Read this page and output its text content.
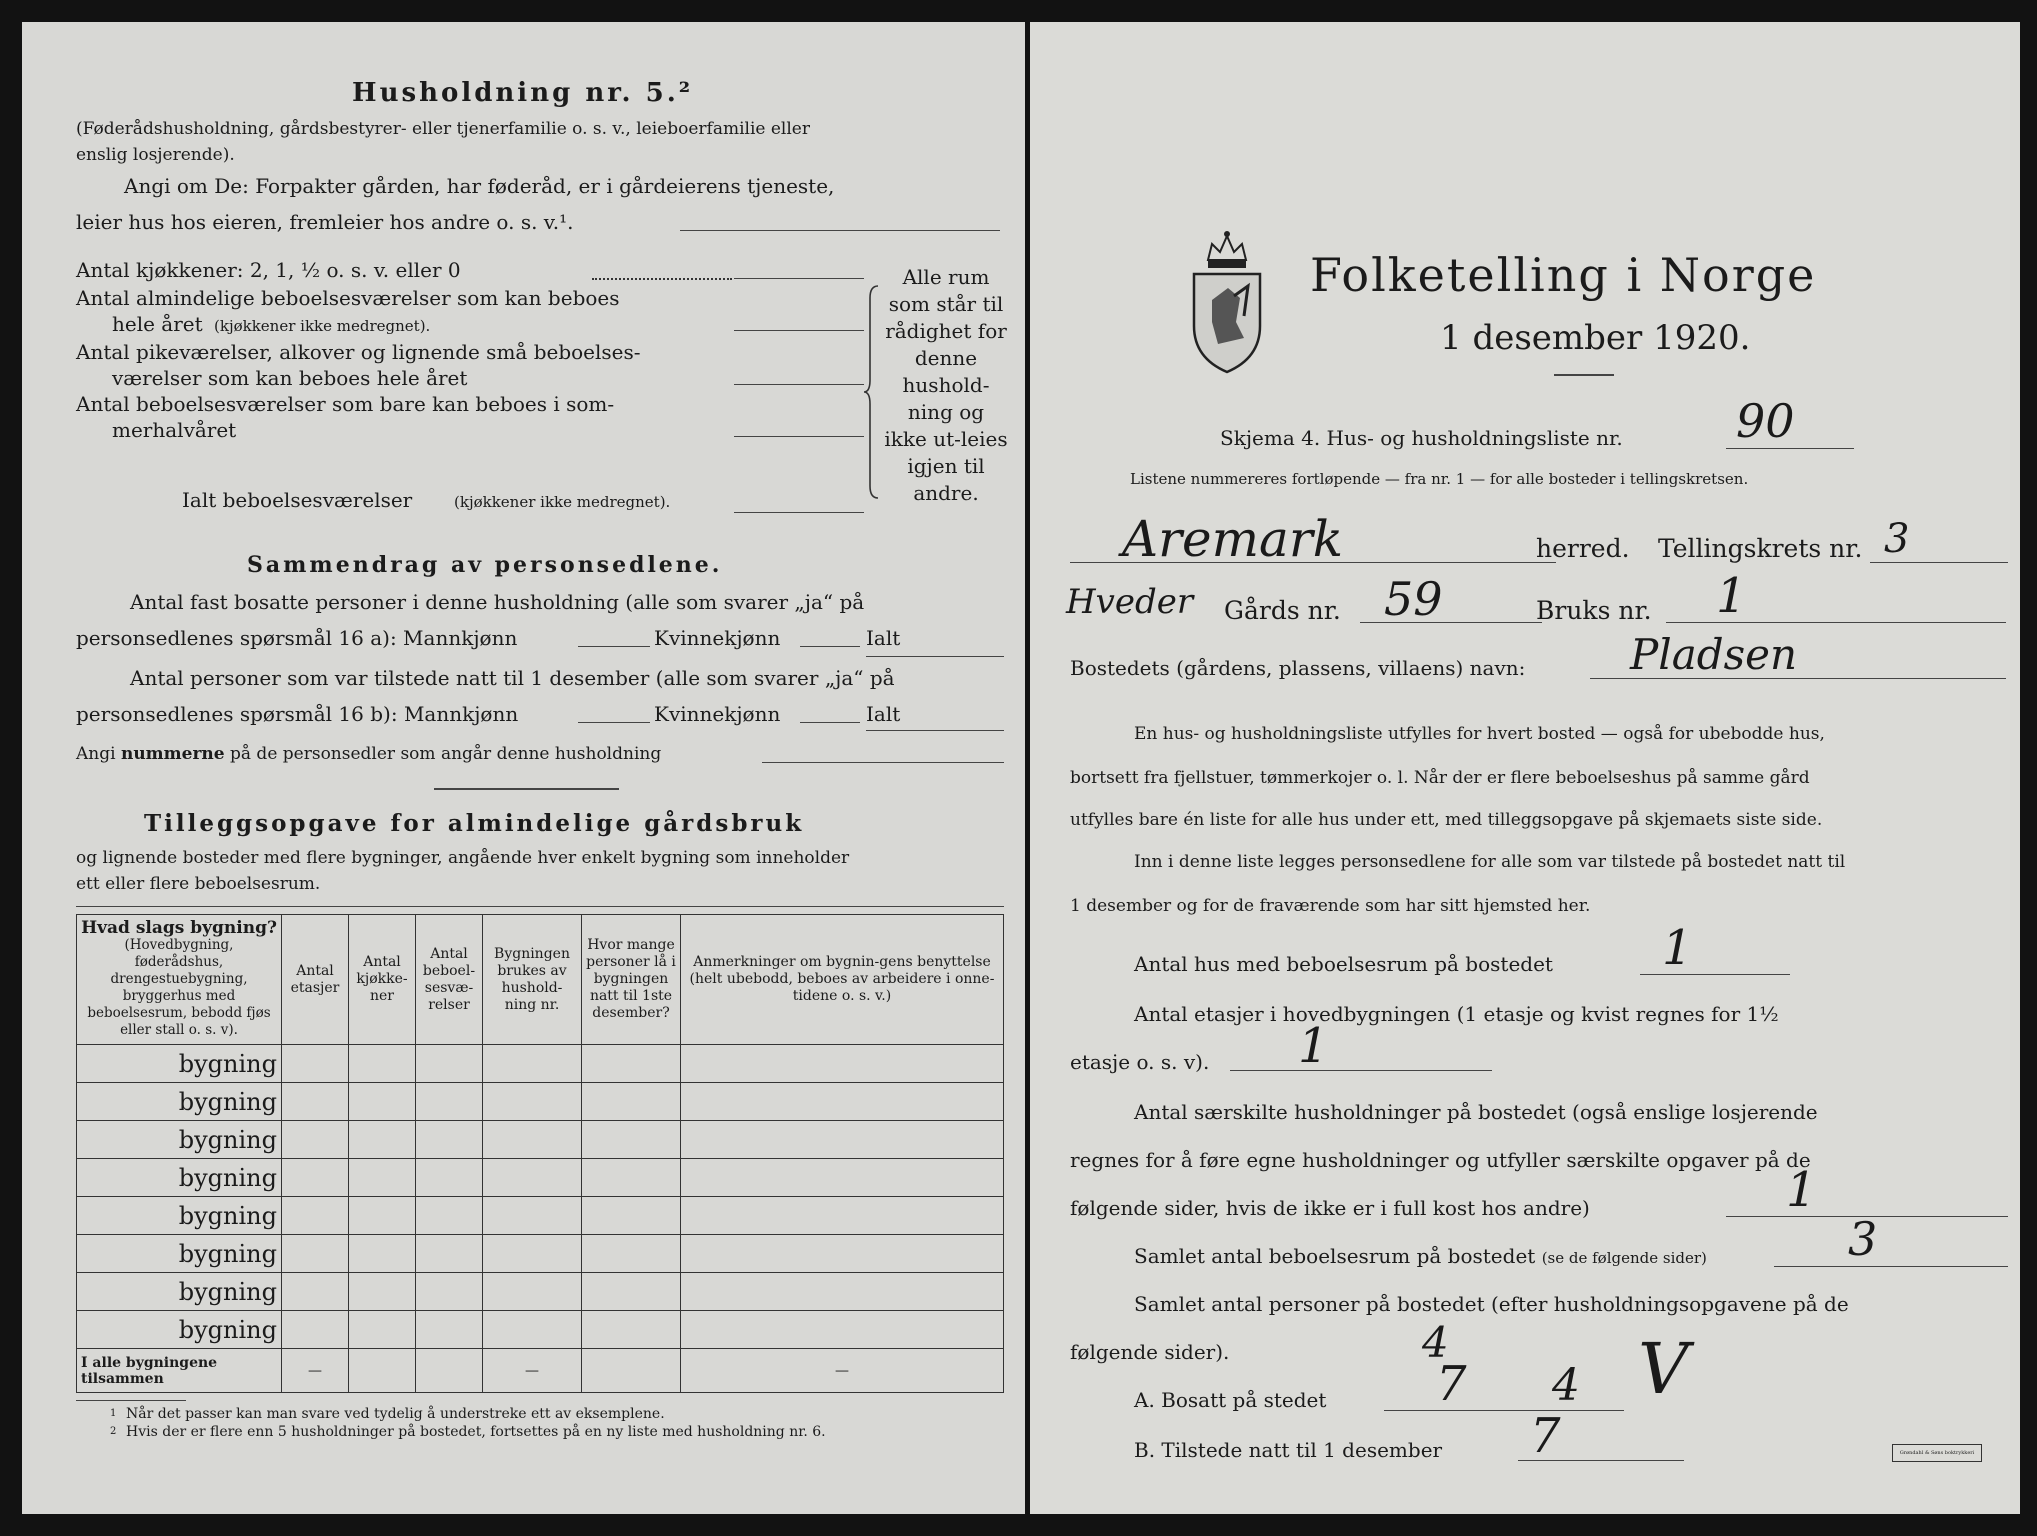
Husholdning nr. 5.²
(Føderådshusholdning, gårdsbestyrer- eller tjenerfamilie o. s. v., leieboerfamilie eller
enslig losjerende).
Angi om De: Forpakter gården, har føderåd, er i gårdeierens tjeneste,
leier hus hos eieren, fremleier hos andre o. s. v.¹.
Antal kjøkkener: 2, 1, ½ o. s. v. eller 0
Antal almindelige beboelsesværelser som kan beboes
hele året (kjøkkener ikke medregnet).
Antal pikeværelser, alkover og lignende små beboelses-
værelser som kan beboes hele året
Antal beboelsesværelser som bare kan beboes i som-
merhalvåret
Alle rum som står til rådighet for denne hushold-ning og ikke ut-leies igjen til andre.
Ialt beboelsesværelser	(kjøkkener ikke medregnet).
Sammendrag av personsedlene.
Antal fast bosatte personer i denne husholdning (alle som svarer „ja“ på
personsedlenes spørsmål 16 a): Mannkjønn	Kvinnekjønn	Ialt
Antal personer som var tilstede natt til 1 desember (alle som svarer „ja“ på
personsedlenes spørsmål 16 b): Mannkjønn	Kvinnekjønn	Ialt
Angi nummerne på de personsedler som angår denne husholdning
Tilleggsopgave for almindelige gårdsbruk
og lignende bosteder med flere bygninger, angående hver enkelt bygning som inneholder
ett eller flere beboelsesrum.
Hvad slags bygning?
(Hovedbygning, føderådshus, drengestuebygning, bryggerhus med beboelsesrum, bebodd fjøs eller stall o. s. v).	Antal etasjer	Antal kjøkke-ner	Antal beboel-sesvæ-relser	Bygningen brukes av hushold-ning nr.	Hvor mange personer lå i bygningen natt til 1ste desember?	Anmerkninger om bygnin-gens benyttelse (helt ubebodd, beboes av arbeidere i onne-tidene o. s. v.)
bygning						
bygning						
bygning						
bygning						
bygning						
bygning						
bygning						
bygning						
I alle bygningene tilsammen	—			—		—
1 Når det passer kan man svare ved tydelig å understreke ett av eksemplene.
2 Hvis der er flere enn 5 husholdninger på bostedet, fortsettes på en ny liste med husholdning nr. 6.
Folketelling i Norge
1 desember 1920.
Skjema 4. Hus- og husholdningsliste nr. 90
Listene nummereres fortløpende — fra nr. 1 — for alle bosteder i tellingskretsen.
Aremark	herred. Tellingskrets nr. 3
Hveder Gårds nr. 59	Bruks nr. 1
Bostedets (gårdens, plassens, villaens) navn: Pladsen
En hus- og husholdningsliste utfylles for hvert bosted — også for ubebodde hus,
bortsett fra fjellstuer, tømmerkojer o. l. Når der er flere beboelseshus på samme gård
utfylles bare én liste for alle hus under ett, med tilleggsopgave på skjemaets siste side.
Inn i denne liste legges personsedlene for alle som var tilstede på bostedet natt til
1 desember og for de fraværende som har sitt hjemsted her.
Antal hus med beboelsesrum på bostedet 1
Antal etasjer i hovedbygningen (1 etasje og kvist regnes for 1½
etasje o. s. v). 1
Antal særskilte husholdninger på bostedet (også enslige losjerende
regnes for å føre egne husholdninger og utfyller særskilte opgaver på de
følgende sider, hvis de ikke er i full kost hos andre)	1
Samlet antal beboelsesrum på bostedet (se de følgende sider)	3
Samlet antal personer på bostedet (efter husholdningsopgavene på de
følgende sider).	4
A. Bosatt på stedet 7 4 V
B. Tilstede natt til 1 desember 7	Grøndahl & Søns boktrykkeri
